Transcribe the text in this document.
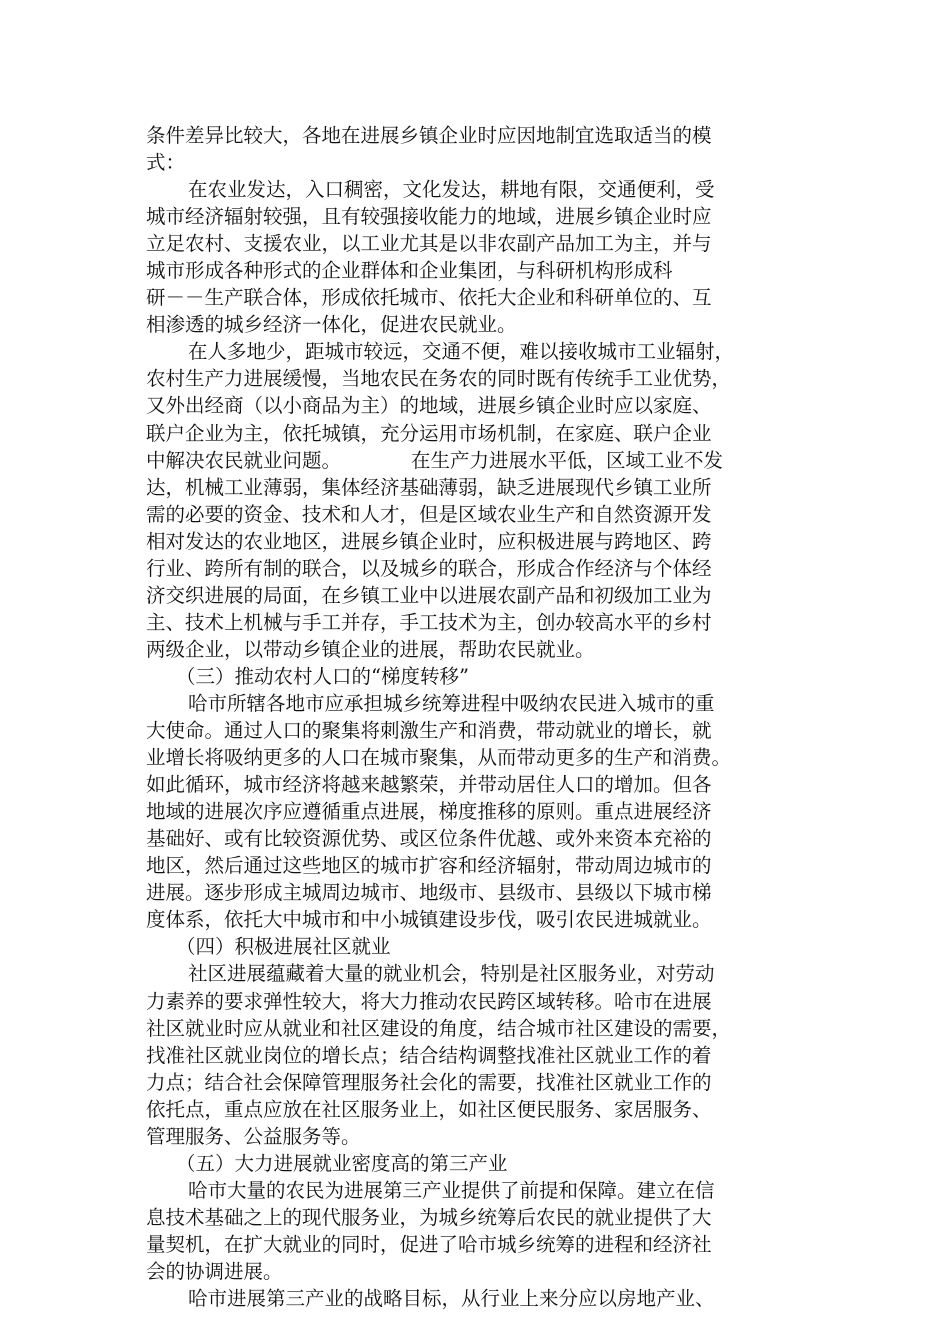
条件差异比较大，各地在进展乡镇企业时应因地制宜选取适当的模
式：
在农业发达，入口稠密，文化发达，耕地有限，交通便利，受
城市经济辐射较强，且有较强接收能力的地域，进展乡镇企业时应
立足农村、支援农业，以工业尤其是以非农副产品加工为主，并与
城市形成各种形式的企业群体和企业集团，与科研机构形成科
研－－生产联合体，形成依托城市、依托大企业和科研单位的、互
相渗透的城乡经济一体化，促进农民就业。
在人多地少，距城市较远，交通不便，难以接收城市工业辐射，
农村生产力进展缓慢，当地农民在务农的同时既有传统手工业优势，
又外出经商（以小商品为主）的地域，进展乡镇企业时应以家庭、
联户企业为主，依托城镇，充分运用市场机制，在家庭、联户企业
中解决农民就业问题。	在生产力进展水平低，区域工业不发
达，机械工业薄弱，集体经济基础薄弱，缺乏进展现代乡镇工业所
需的必要的资金、技术和人才，但是区域农业生产和自然资源开发
相对发达的农业地区，进展乡镇企业时，应积极进展与跨地区、跨
行业、跨所有制的联合，以及城乡的联合，形成合作经济与个体经
济交织进展的局面，在乡镇工业中以进展农副产品和初级加工业为
主、技术上机械与手工并存，手工技术为主，创办较高水平的乡村
两级企业，以带动乡镇企业的进展，帮助农民就业。
（三）推动农村人口的“梯度转移”
哈市所辖各地市应承担城乡统筹进程中吸纳农民进入城市的重
大使命。通过人口的聚集将刺激生产和消费，带动就业的增长，就
业增长将吸纳更多的人口在城市聚集，从而带动更多的生产和消费。
如此循环，城市经济将越来越繁荣，并带动居住人口的增加。但各
地域的进展次序应遵循重点进展，梯度推移的原则。重点进展经济
基础好、或有比较资源优势、或区位条件优越、或外来资本充裕的
地区，然后通过这些地区的城市扩容和经济辐射，带动周边城市的
进展。逐步形成主城周边城市、地级市、县级市、县级以下城市梯
度体系，依托大中城市和中小城镇建设步伐，吸引农民进城就业。
（四）积极进展社区就业
社区进展蕴藏着大量的就业机会，特别是社区服务业，对劳动
力素养的要求弹性较大，将大力推动农民跨区域转移。哈市在进展
社区就业时应从就业和社区建设的角度，结合城市社区建设的需要，
找准社区就业岗位的增长点；结合结构调整找准社区就业工作的着
力点；结合社会保障管理服务社会化的需要，找准社区就业工作的
依托点，重点应放在社区服务业上，如社区便民服务、家居服务、
管理服务、公益服务等。
（五）大力进展就业密度高的第三产业
哈市大量的农民为进展第三产业提供了前提和保障。建立在信
息技术基础之上的现代服务业，为城乡统筹后农民的就业提供了大
量契机，在扩大就业的同时，促进了哈市城乡统筹的进程和经济社
会的协调进展。
哈市进展第三产业的战略目标，从行业上来分应以房地产业、
